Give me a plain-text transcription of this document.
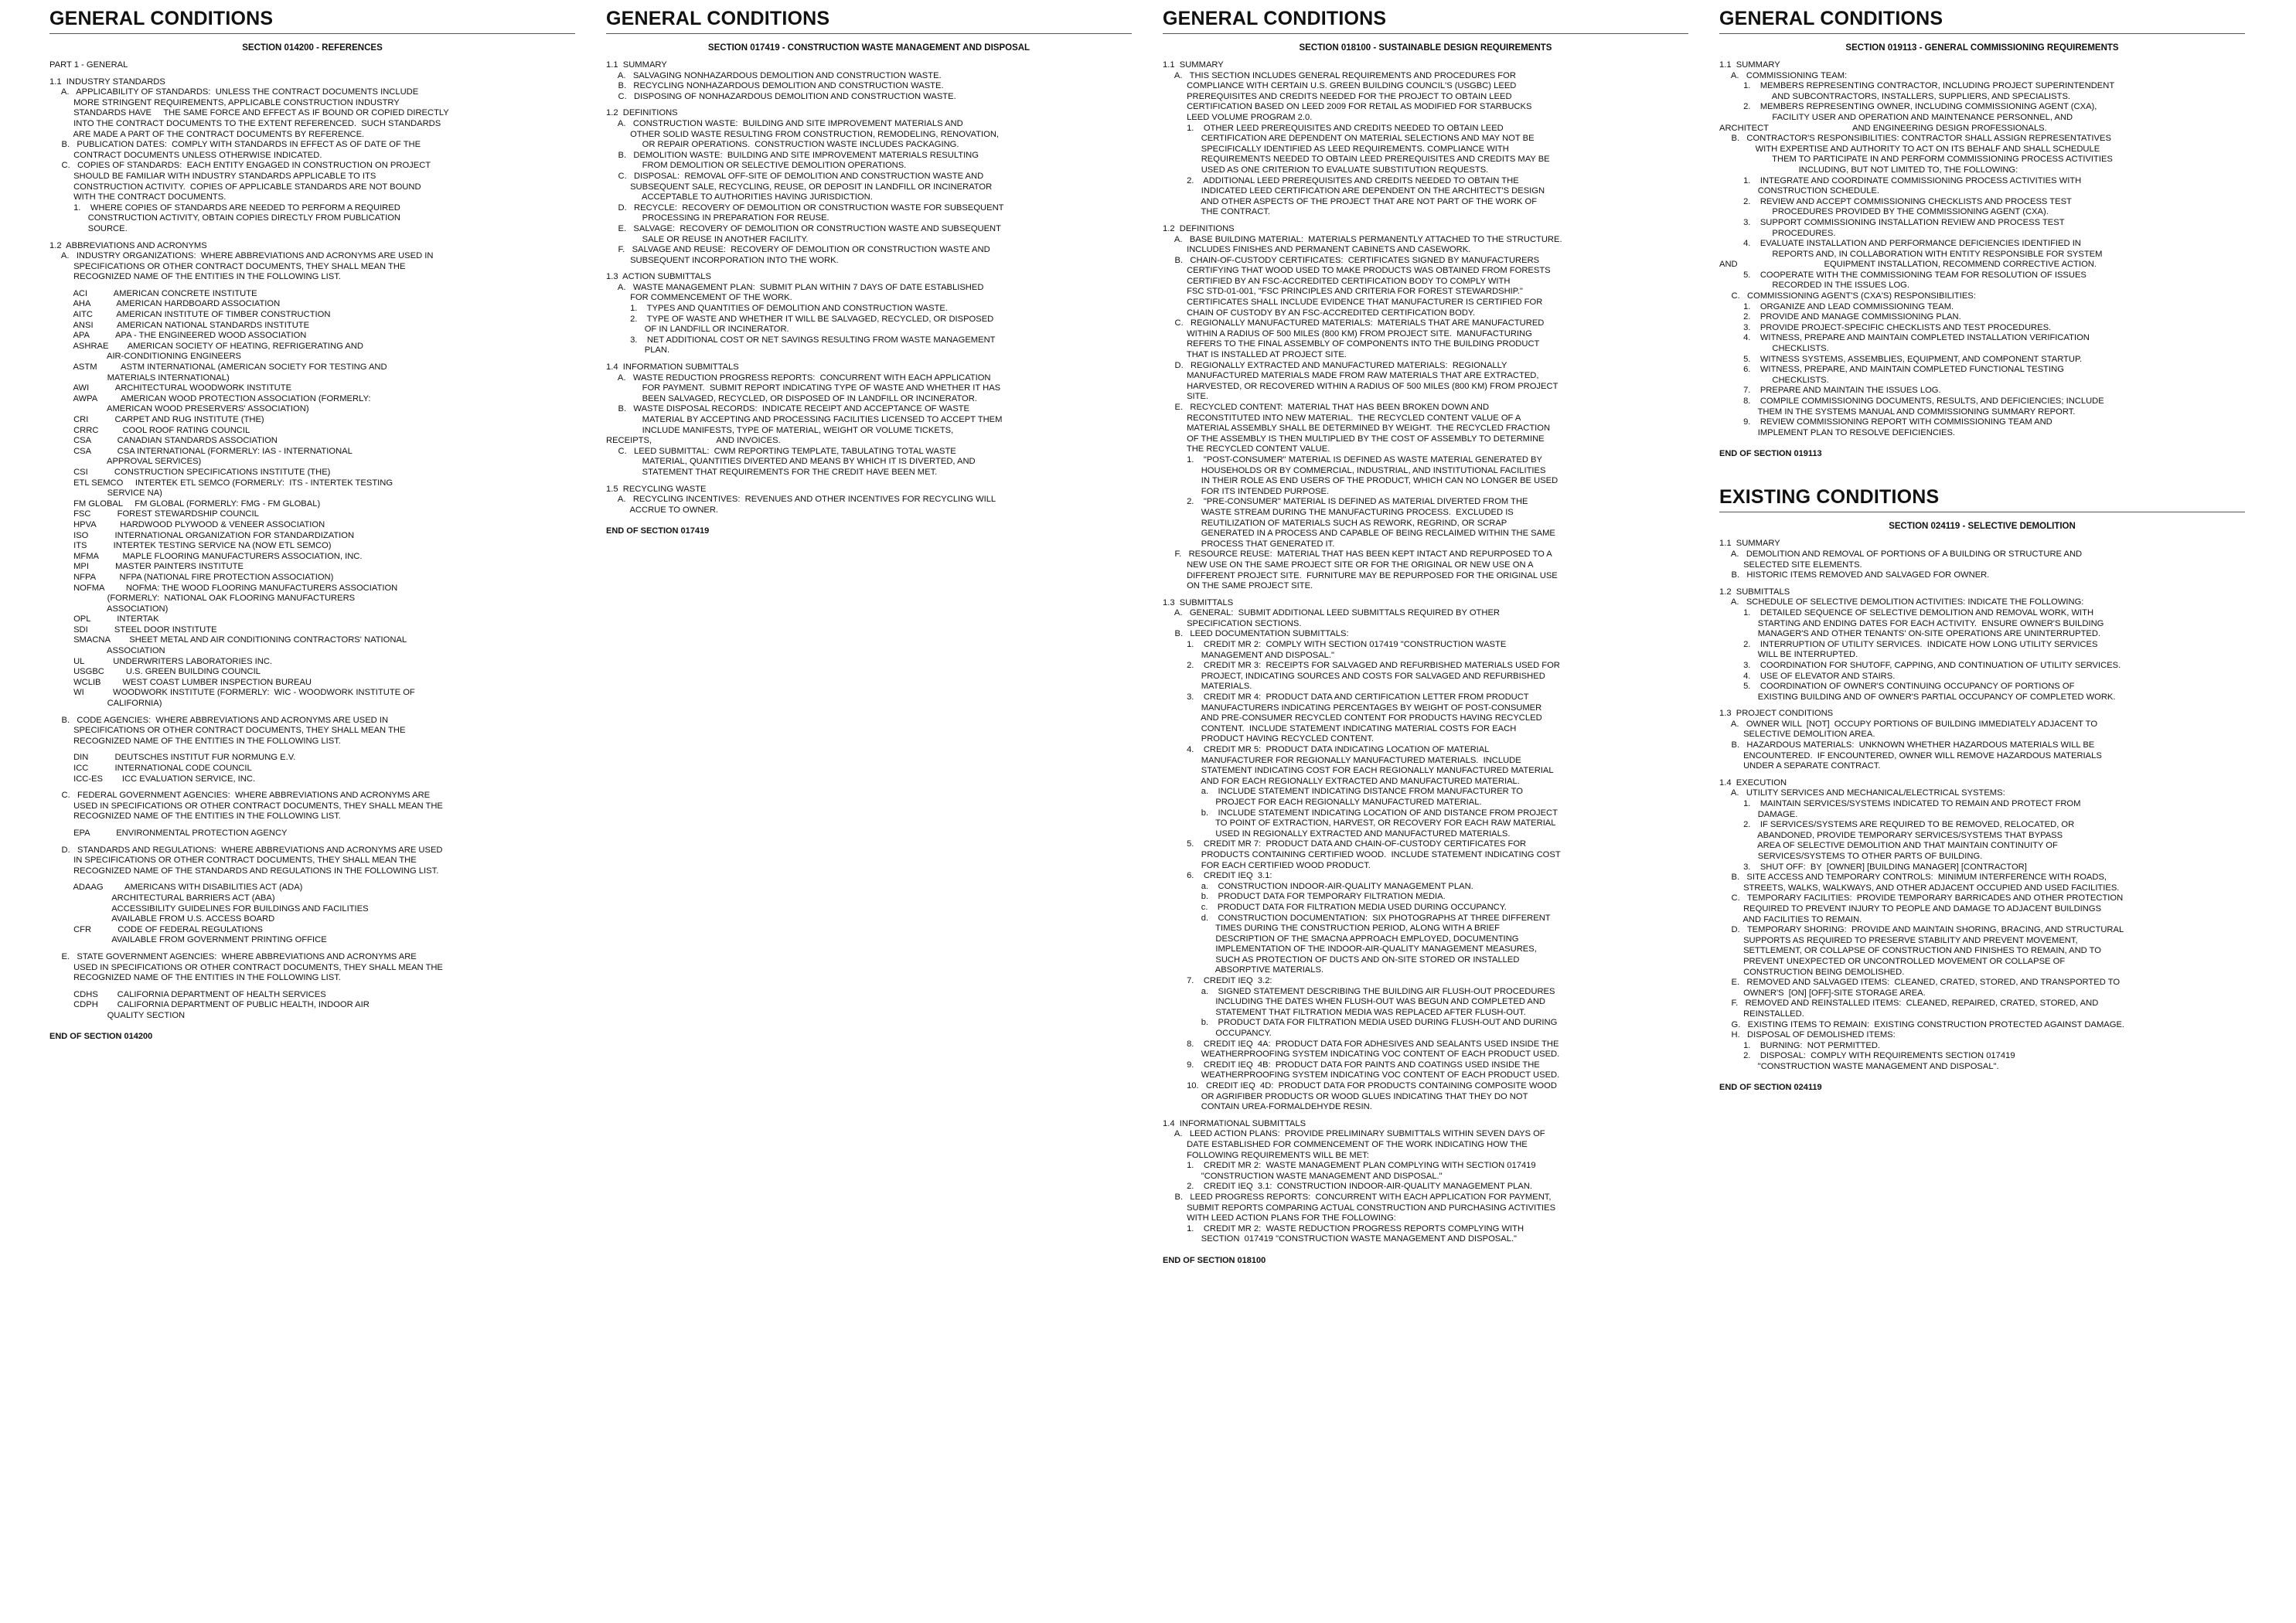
GENERAL CONDITIONS
SECTION 014200 - REFERENCES
PART 1 - GENERAL
1.1  INDUSTRY STANDARDS
A.   APPLICABILITY OF STANDARDS:  UNLESS THE CONTRACT DOCUMENTS INCLUDE
MORE STRINGENT REQUIREMENTS, APPLICABLE CONSTRUCTION INDUSTRY
STANDARDS HAVE     THE SAME FORCE AND EFFECT AS IF BOUND OR COPIED DIRECTLY
INTO THE CONTRACT DOCUMENTS TO THE EXTENT REFERENCED.  SUCH STANDARDS
ARE MADE A PART OF THE CONTRACT DOCUMENTS BY REFERENCE.
B.   PUBLICATION DATES:  COMPLY WITH STANDARDS IN EFFECT AS OF DATE OF THE
CONTRACT DOCUMENTS UNLESS OTHERWISE INDICATED.
C.   COPIES OF STANDARDS:  EACH ENTITY ENGAGED IN CONSTRUCTION ON PROJECT
SHOULD BE FAMILIAR WITH INDUSTRY STANDARDS APPLICABLE TO ITS
CONSTRUCTION ACTIVITY.  COPIES OF APPLICABLE STANDARDS ARE NOT BOUND
WITH THE CONTRACT DOCUMENTS.
1.    WHERE COPIES OF STANDARDS ARE NEEDED TO PERFORM A REQUIRED
CONSTRUCTION ACTIVITY, OBTAIN COPIES DIRECTLY FROM PUBLICATION
SOURCE.
1.2  ABBREVIATIONS AND ACRONYMS
A.   INDUSTRY ORGANIZATIONS:  WHERE ABBREVIATIONS AND ACRONYMS ARE USED IN
SPECIFICATIONS OR OTHER CONTRACT DOCUMENTS, THEY SHALL MEAN THE
RECOGNIZED NAME OF THE ENTITIES IN THE FOLLOWING LIST.
ACI           AMERICAN CONCRETE INSTITUTE
AHA           AMERICAN HARDBOARD ASSOCIATION
AITC          AMERICAN INSTITUTE OF TIMBER CONSTRUCTION
ANSI          AMERICAN NATIONAL STANDARDS INSTITUTE
APA           APA - THE ENGINEERED WOOD ASSOCIATION
ASHRAE        AMERICAN SOCIETY OF HEATING, REFRIGERATING AND
AIR-CONDITIONING ENGINEERS
ASTM          ASTM INTERNATIONAL (AMERICAN SOCIETY FOR TESTING AND
MATERIALS INTERNATIONAL)
AWI           ARCHITECTURAL WOODWORK INSTITUTE
AWPA          AMERICAN WOOD PROTECTION ASSOCIATION (FORMERLY:
AMERICAN WOOD PRESERVERS' ASSOCIATION)
CRI           CARPET AND RUG INSTITUTE (THE)
CRRC          COOL ROOF RATING COUNCIL
CSA           CANADIAN STANDARDS ASSOCIATION
CSA           CSA INTERNATIONAL (FORMERLY: IAS - INTERNATIONAL
APPROVAL SERVICES)
CSI           CONSTRUCTION SPECIFICATIONS INSTITUTE (THE)
ETL SEMCO     INTERTEK ETL SEMCO (FORMERLY:  ITS - INTERTEK TESTING
SERVICE NA)
FM GLOBAL     FM GLOBAL (FORMERLY: FMG - FM GLOBAL)
FSC           FOREST STEWARDSHIP COUNCIL
HPVA          HARDWOOD PLYWOOD & VENEER ASSOCIATION
ISO           INTERNATIONAL ORGANIZATION FOR STANDARDIZATION
ITS           INTERTEK TESTING SERVICE NA (NOW ETL SEMCO)
MFMA          MAPLE FLOORING MANUFACTURERS ASSOCIATION, INC.
MPI           MASTER PAINTERS INSTITUTE
NFPA          NFPA (NATIONAL FIRE PROTECTION ASSOCIATION)
NOFMA         NOFMA: THE WOOD FLOORING MANUFACTURERS ASSOCIATION
(FORMERLY:  NATIONAL OAK FLOORING MANUFACTURERS
ASSOCIATION)
OPL           INTERTAK
SDI           STEEL DOOR INSTITUTE
SMACNA        SHEET METAL AND AIR CONDITIONING CONTRACTORS' NATIONAL
ASSOCIATION
UL            UNDERWRITERS LABORATORIES INC.
USGBC         U.S. GREEN BUILDING COUNCIL
WCLIB         WEST COAST LUMBER INSPECTION BUREAU
WI            WOODWORK INSTITUTE (FORMERLY:  WIC - WOODWORK INSTITUTE OF
CALIFORNIA)
B.   CODE AGENCIES:  WHERE ABBREVIATIONS AND ACRONYMS ARE USED IN
SPECIFICATIONS OR OTHER CONTRACT DOCUMENTS, THEY SHALL MEAN THE
RECOGNIZED NAME OF THE ENTITIES IN THE FOLLOWING LIST.
DIN           DEUTSCHES INSTITUT FUR NORMUNG E.V.
ICC           INTERNATIONAL CODE COUNCIL
ICC-ES        ICC EVALUATION SERVICE, INC.
C.   FEDERAL GOVERNMENT AGENCIES:  WHERE ABBREVIATIONS AND ACRONYMS ARE
USED IN SPECIFICATIONS OR OTHER CONTRACT DOCUMENTS, THEY SHALL MEAN THE
RECOGNIZED NAME OF THE ENTITIES IN THE FOLLOWING LIST.
EPA           ENVIRONMENTAL PROTECTION AGENCY
D.   STANDARDS AND REGULATIONS:  WHERE ABBREVIATIONS AND ACRONYMS ARE USED
IN SPECIFICATIONS OR OTHER CONTRACT DOCUMENTS, THEY SHALL MEAN THE
RECOGNIZED NAME OF THE STANDARDS AND REGULATIONS IN THE FOLLOWING LIST.
ADAAG         AMERICANS WITH DISABILITIES ACT (ADA)
ARCHITECTURAL BARRIERS ACT (ABA)
ACCESSIBILITY GUIDELINES FOR BUILDINGS AND FACILITIES
AVAILABLE FROM U.S. ACCESS BOARD
CFR           CODE OF FEDERAL REGULATIONS
AVAILABLE FROM GOVERNMENT PRINTING OFFICE
E.   STATE GOVERNMENT AGENCIES:  WHERE ABBREVIATIONS AND ACRONYMS ARE
USED IN SPECIFICATIONS OR OTHER CONTRACT DOCUMENTS, THEY SHALL MEAN THE
RECOGNIZED NAME OF THE ENTITIES IN THE FOLLOWING LIST.
CDHS        CALIFORNIA DEPARTMENT OF HEALTH SERVICES
CDPH        CALIFORNIA DEPARTMENT OF PUBLIC HEALTH, INDOOR AIR
QUALITY SECTION
END OF SECTION 014200
GENERAL CONDITIONS
SECTION 017419 - CONSTRUCTION WASTE MANAGEMENT AND DISPOSAL
1.1  SUMMARY
A.   SALVAGING NONHAZARDOUS DEMOLITION AND CONSTRUCTION WASTE.
B.   RECYCLING NONHAZARDOUS DEMOLITION AND CONSTRUCTION WASTE.
C.   DISPOSING OF NONHAZARDOUS DEMOLITION AND CONSTRUCTION WASTE.
1.2  DEFINITIONS
A.   CONSTRUCTION WASTE:  BUILDING AND SITE IMPROVEMENT MATERIALS AND
OTHER SOLID WASTE RESULTING FROM CONSTRUCTION, REMODELING, RENOVATION,
OR REPAIR OPERATIONS.  CONSTRUCTION WASTE INCLUDES PACKAGING.
B.   DEMOLITION WASTE:  BUILDING AND SITE IMPROVEMENT MATERIALS RESULTING
FROM DEMOLITION OR SELECTIVE DEMOLITION OPERATIONS.
C.   DISPOSAL:  REMOVAL OFF-SITE OF DEMOLITION AND CONSTRUCTION WASTE AND
SUBSEQUENT SALE, RECYCLING, REUSE, OR DEPOSIT IN LANDFILL OR INCINERATOR
ACCEPTABLE TO AUTHORITIES HAVING JURISDICTION.
D.   RECYCLE:  RECOVERY OF DEMOLITION OR CONSTRUCTION WASTE FOR SUBSEQUENT
PROCESSING IN PREPARATION FOR REUSE.
E.   SALVAGE:  RECOVERY OF DEMOLITION OR CONSTRUCTION WASTE AND SUBSEQUENT
SALE OR REUSE IN ANOTHER FACILITY.
F.   SALVAGE AND REUSE:  RECOVERY OF DEMOLITION OR CONSTRUCTION WASTE AND
SUBSEQUENT INCORPORATION INTO THE WORK.
1.3  ACTION SUBMITTALS
A.   WASTE MANAGEMENT PLAN:  SUBMIT PLAN WITHIN 7 DAYS OF DATE ESTABLISHED
FOR COMMENCEMENT OF THE WORK.
1.    TYPES AND QUANTITIES OF DEMOLITION AND CONSTRUCTION WASTE.
2.    TYPE OF WASTE AND WHETHER IT WILL BE SALVAGED, RECYCLED, OR DISPOSED
OF IN LANDFILL OR INCINERATOR.
3.    NET ADDITIONAL COST OR NET SAVINGS RESULTING FROM WASTE MANAGEMENT
PLAN.
1.4  INFORMATION SUBMITTALS
A.   WASTE REDUCTION PROGRESS REPORTS:  CONCURRENT WITH EACH APPLICATION
FOR PAYMENT.  SUBMIT REPORT INDICATING TYPE OF WASTE AND WHETHER IT HAS
BEEN SALVAGED, RECYCLED, OR DISPOSED OF IN LANDFILL OR INCINERATOR.
B.   WASTE DISPOSAL RECORDS:  INDICATE RECEIPT AND ACCEPTANCE OF WASTE
MATERIAL BY ACCEPTING AND PROCESSING FACILITIES LICENSED TO ACCEPT THEM
INCLUDE MANIFESTS, TYPE OF MATERIAL, WEIGHT OR VOLUME TICKETS,
RECEIPTS,                           AND INVOICES.
C.   LEED SUBMITTAL:  CWM REPORTING TEMPLATE, TABULATING TOTAL WASTE
MATERIAL, QUANTITIES DIVERTED AND MEANS BY WHICH IT IS DIVERTED, AND
STATEMENT THAT REQUIREMENTS FOR THE CREDIT HAVE BEEN MET.
1.5  RECYCLING WASTE
A.   RECYCLING INCENTIVES:  REVENUES AND OTHER INCENTIVES FOR RECYCLING WILL
ACCRUE TO OWNER.
END OF SECTION 017419
GENERAL CONDITIONS
SECTION 018100 - SUSTAINABLE DESIGN REQUIREMENTS
1.1  SUMMARY
A.   THIS SECTION INCLUDES GENERAL REQUIREMENTS AND PROCEDURES FOR
COMPLIANCE WITH CERTAIN U.S. GREEN BUILDING COUNCIL'S (USGBC) LEED
PREREQUISITES AND CREDITS NEEDED FOR THE PROJECT TO OBTAIN LEED
CERTIFICATION BASED ON LEED 2009 FOR RETAIL AS MODIFIED FOR STARBUCKS
LEED VOLUME PROGRAM 2.0.
1.    OTHER LEED PREREQUISITES AND CREDITS NEEDED TO OBTAIN LEED
CERTIFICATION ARE DEPENDENT ON MATERIAL SELECTIONS AND MAY NOT BE
SPECIFICALLY IDENTIFIED AS LEED REQUIREMENTS. COMPLIANCE WITH
REQUIREMENTS NEEDED TO OBTAIN LEED PREREQUISITES AND CREDITS MAY BE
USED AS ONE CRITERION TO EVALUATE SUBSTITUTION REQUESTS.
2.    ADDITIONAL LEED PREREQUISITES AND CREDITS NEEDED TO OBTAIN THE
INDICATED LEED CERTIFICATION ARE DEPENDENT ON THE ARCHITECT'S DESIGN
AND OTHER ASPECTS OF THE PROJECT THAT ARE NOT PART OF THE WORK OF
THE CONTRACT.
1.2  DEFINITIONS
A.   BASE BUILDING MATERIAL:  MATERIALS PERMANENTLY ATTACHED TO THE STRUCTURE.
INCLUDES FINISHES AND PERMANENT CABINETS AND CASEWORK.
B.   CHAIN-OF-CUSTODY CERTIFICATES:  CERTIFICATES SIGNED BY MANUFACTURERS
CERTIFYING THAT WOOD USED TO MAKE PRODUCTS WAS OBTAINED FROM FORESTS
CERTIFIED BY AN FSC-ACCREDITED CERTIFICATION BODY TO COMPLY WITH
FSC STD-01-001, "FSC PRINCIPLES AND CRITERIA FOR FOREST STEWARDSHIP."
CERTIFICATES SHALL INCLUDE EVIDENCE THAT MANUFACTURER IS CERTIFIED FOR
CHAIN OF CUSTODY BY AN FSC-ACCREDITED CERTIFICATION BODY.
C.   REGIONALLY MANUFACTURED MATERIALS:  MATERIALS THAT ARE MANUFACTURED
WITHIN A RADIUS OF 500 MILES (800 KM) FROM PROJECT SITE.  MANUFACTURING
REFERS TO THE FINAL ASSEMBLY OF COMPONENTS INTO THE BUILDING PRODUCT
THAT IS INSTALLED AT PROJECT SITE.
D.   REGIONALLY EXTRACTED AND MANUFACTURED MATERIALS:  REGIONALLY
MANUFACTURED MATERIALS MADE FROM RAW MATERIALS THAT ARE EXTRACTED,
HARVESTED, OR RECOVERED WITHIN A RADIUS OF 500 MILES (800 KM) FROM PROJECT
SITE.
E.   RECYCLED CONTENT:  MATERIAL THAT HAS BEEN BROKEN DOWN AND
RECONSTITUTED INTO NEW MATERIAL.  THE RECYCLED CONTENT VALUE OF A
MATERIAL ASSEMBLY SHALL BE DETERMINED BY WEIGHT.  THE RECYCLED FRACTION
OF THE ASSEMBLY IS THEN MULTIPLIED BY THE COST OF ASSEMBLY TO DETERMINE
THE RECYCLED CONTENT VALUE.
1.    "POST-CONSUMER" MATERIAL IS DEFINED AS WASTE MATERIAL GENERATED BY
HOUSEHOLDS OR BY COMMERCIAL, INDUSTRIAL, AND INSTITUTIONAL FACILITIES
IN THEIR ROLE AS END USERS OF THE PRODUCT, WHICH CAN NO LONGER BE USED
FOR ITS INTENDED PURPOSE.
2.    "PRE-CONSUMER" MATERIAL IS DEFINED AS MATERIAL DIVERTED FROM THE
WASTE STREAM DURING THE MANUFACTURING PROCESS.  EXCLUDED IS
REUTILIZATION OF MATERIALS SUCH AS REWORK, REGRIND, OR SCRAP
GENERATED IN A PROCESS AND CAPABLE OF BEING RECLAIMED WITHIN THE SAME
PROCESS THAT GENERATED IT.
F.   RESOURCE REUSE:  MATERIAL THAT HAS BEEN KEPT INTACT AND REPURPOSED TO A
NEW USE ON THE SAME PROJECT SITE OR FOR THE ORIGINAL OR NEW USE ON A
DIFFERENT PROJECT SITE.  FURNITURE MAY BE REPURPOSED FOR THE ORIGINAL USE
ON THE SAME PROJECT SITE.
1.3  SUBMITTALS
A.   GENERAL:  SUBMIT ADDITIONAL LEED SUBMITTALS REQUIRED BY OTHER
SPECIFICATION SECTIONS.
B.   LEED DOCUMENTATION SUBMITTALS:
1.    CREDIT MR 2:  COMPLY WITH SECTION 017419 "CONSTRUCTION WASTE
MANAGEMENT AND DISPOSAL."
2.    CREDIT MR 3:  RECEIPTS FOR SALVAGED AND REFURBISHED MATERIALS USED FOR
PROJECT, INDICATING SOURCES AND COSTS FOR SALVAGED AND REFURBISHED
MATERIALS.
3.    CREDIT MR 4:  PRODUCT DATA AND CERTIFICATION LETTER FROM PRODUCT
MANUFACTURERS INDICATING PERCENTAGES BY WEIGHT OF POST-CONSUMER
AND PRE-CONSUMER RECYCLED CONTENT FOR PRODUCTS HAVING RECYCLED
CONTENT.  INCLUDE STATEMENT INDICATING MATERIAL COSTS FOR EACH
PRODUCT HAVING RECYCLED CONTENT.
4.    CREDIT MR 5:  PRODUCT DATA INDICATING LOCATION OF MATERIAL
MANUFACTURER FOR REGIONALLY MANUFACTURED MATERIALS.  INCLUDE
STATEMENT INDICATING COST FOR EACH REGIONALLY MANUFACTURED MATERIAL
AND FOR EACH REGIONALLY EXTRACTED AND MANUFACTURED MATERIAL.
a.    INCLUDE STATEMENT INDICATING DISTANCE FROM MANUFACTURER TO
PROJECT FOR EACH REGIONALLY MANUFACTURED MATERIAL.
b.    INCLUDE STATEMENT INDICATING LOCATION OF AND DISTANCE FROM PROJECT
TO POINT OF EXTRACTION, HARVEST, OR RECOVERY FOR EACH RAW MATERIAL
USED IN REGIONALLY EXTRACTED AND MANUFACTURED MATERIALS.
5.    CREDIT MR 7:  PRODUCT DATA AND CHAIN-OF-CUSTODY CERTIFICATES FOR
PRODUCTS CONTAINING CERTIFIED WOOD.  INCLUDE STATEMENT INDICATING COST
FOR EACH CERTIFIED WOOD PRODUCT.
6.    CREDIT IEQ  3.1:
a.    CONSTRUCTION INDOOR-AIR-QUALITY MANAGEMENT PLAN.
b.    PRODUCT DATA FOR TEMPORARY FILTRATION MEDIA.
c.    PRODUCT DATA FOR FILTRATION MEDIA USED DURING OCCUPANCY.
d.    CONSTRUCTION DOCUMENTATION:  SIX PHOTOGRAPHS AT THREE DIFFERENT
TIMES DURING THE CONSTRUCTION PERIOD, ALONG WITH A BRIEF
DESCRIPTION OF THE SMACNA APPROACH EMPLOYED, DOCUMENTING
IMPLEMENTATION OF THE INDOOR-AIR-QUALITY MANAGEMENT MEASURES,
SUCH AS PROTECTION OF DUCTS AND ON-SITE STORED OR INSTALLED
ABSORPTIVE MATERIALS.
7.    CREDIT IEQ  3.2:
a.    SIGNED STATEMENT DESCRIBING THE BUILDING AIR FLUSH-OUT PROCEDURES
INCLUDING THE DATES WHEN FLUSH-OUT WAS BEGUN AND COMPLETED AND
STATEMENT THAT FILTRATION MEDIA WAS REPLACED AFTER FLUSH-OUT.
b.    PRODUCT DATA FOR FILTRATION MEDIA USED DURING FLUSH-OUT AND DURING
OCCUPANCY.
8.    CREDIT IEQ  4A:  PRODUCT DATA FOR ADHESIVES AND SEALANTS USED INSIDE THE
WEATHERPROOFING SYSTEM INDICATING VOC CONTENT OF EACH PRODUCT USED.
9.    CREDIT IEQ  4B:  PRODUCT DATA FOR PAINTS AND COATINGS USED INSIDE THE
WEATHERPROOFING SYSTEM INDICATING VOC CONTENT OF EACH PRODUCT USED.
10.   CREDIT IEQ  4D:  PRODUCT DATA FOR PRODUCTS CONTAINING COMPOSITE WOOD
OR AGRIFIBER PRODUCTS OR WOOD GLUES INDICATING THAT THEY DO NOT
CONTAIN UREA-FORMALDEHYDE RESIN.
1.4  INFORMATIONAL SUBMITTALS
A.   LEED ACTION PLANS:  PROVIDE PRELIMINARY SUBMITTALS WITHIN SEVEN DAYS OF
DATE ESTABLISHED FOR COMMENCEMENT OF THE WORK INDICATING HOW THE
FOLLOWING REQUIREMENTS WILL BE MET:
1.    CREDIT MR 2:  WASTE MANAGEMENT PLAN COMPLYING WITH SECTION 017419
"CONSTRUCTION WASTE MANAGEMENT AND DISPOSAL."
2.    CREDIT IEQ  3.1:  CONSTRUCTION INDOOR-AIR-QUALITY MANAGEMENT PLAN.
B.   LEED PROGRESS REPORTS:  CONCURRENT WITH EACH APPLICATION FOR PAYMENT,
SUBMIT REPORTS COMPARING ACTUAL CONSTRUCTION AND PURCHASING ACTIVITIES
WITH LEED ACTION PLANS FOR THE FOLLOWING:
1.    CREDIT MR 2:  WASTE REDUCTION PROGRESS REPORTS COMPLYING WITH
SECTION  017419 "CONSTRUCTION WASTE MANAGEMENT AND DISPOSAL."
END OF SECTION 018100
GENERAL CONDITIONS
SECTION 019113 - GENERAL COMMISSIONING REQUIREMENTS
1.1  SUMMARY
A.   COMMISSIONING TEAM:
1.    MEMBERS REPRESENTING CONTRACTOR, INCLUDING PROJECT SUPERINTENDENT
AND SUBCONTRACTORS, INSTALLERS, SUPPLIERS, AND SPECIALISTS.
2.    MEMBERS REPRESENTING OWNER, INCLUDING COMMISSIONING AGENT (CXA),
FACILITY USER AND OPERATION AND MAINTENANCE PERSONNEL, AND
ARCHITECT                                   AND ENGINEERING DESIGN PROFESSIONALS.
B.   CONTRACTOR'S RESPONSIBILITIES: CONTRACTOR SHALL ASSIGN REPRESENTATIVES
WITH EXPERTISE AND AUTHORITY TO ACT ON ITS BEHALF AND SHALL SCHEDULE
THEM TO PARTICIPATE IN AND PERFORM COMMISSIONING PROCESS ACTIVITIES
INCLUDING, BUT NOT LIMITED TO, THE FOLLOWING:
1.    INTEGRATE AND COORDINATE COMMISSIONING PROCESS ACTIVITIES WITH
CONSTRUCTION SCHEDULE.
2.    REVIEW AND ACCEPT COMMISSIONING CHECKLISTS AND PROCESS TEST
PROCEDURES PROVIDED BY THE COMMISSIONING AGENT (CXA).
3.    SUPPORT COMMISSIONING INSTALLATION REVIEW AND PROCESS TEST
PROCEDURES.
4.    EVALUATE INSTALLATION AND PERFORMANCE DEFICIENCIES IDENTIFIED IN
REPORTS AND, IN COLLABORATION WITH ENTITY RESPONSIBLE FOR SYSTEM
AND                                    EQUIPMENT INSTALLATION, RECOMMEND CORRECTIVE ACTION.
5.    COOPERATE WITH THE COMMISSIONING TEAM FOR RESOLUTION OF ISSUES
RECORDED IN THE ISSUES LOG.
C.   COMMISSIONING AGENT'S (CXA'S) RESPONSIBILITIES:
1.    ORGANIZE AND LEAD COMMISSIONING TEAM.
2.    PROVIDE AND MANAGE COMMISSIONING PLAN.
3.    PROVIDE PROJECT-SPECIFIC CHECKLISTS AND TEST PROCEDURES.
4.    WITNESS, PREPARE AND MAINTAIN COMPLETED INSTALLATION VERIFICATION
CHECKLISTS.
5.    WITNESS SYSTEMS, ASSEMBLIES, EQUIPMENT, AND COMPONENT STARTUP.
6.    WITNESS, PREPARE, AND MAINTAIN COMPLETED FUNCTIONAL TESTING
CHECKLISTS.
7.    PREPARE AND MAINTAIN THE ISSUES LOG.
8.    COMPILE COMMISSIONING DOCUMENTS, RESULTS, AND DEFICIENCIES; INCLUDE
THEM IN THE SYSTEMS MANUAL AND COMMISSIONING SUMMARY REPORT.
9.    REVIEW COMMISSIONING REPORT WITH COMMISSIONING TEAM AND
IMPLEMENT PLAN TO RESOLVE DEFICIENCIES.
END OF SECTION 019113
EXISTING CONDITIONS
SECTION 024119 - SELECTIVE DEMOLITION
1.1  SUMMARY
A.   DEMOLITION AND REMOVAL OF PORTIONS OF A BUILDING OR STRUCTURE AND
SELECTED SITE ELEMENTS.
B.   HISTORIC ITEMS REMOVED AND SALVAGED FOR OWNER.
1.2  SUBMITTALS
A.   SCHEDULE OF SELECTIVE DEMOLITION ACTIVITIES: INDICATE THE FOLLOWING:
1.    DETAILED SEQUENCE OF SELECTIVE DEMOLITION AND REMOVAL WORK, WITH
STARTING AND ENDING DATES FOR EACH ACTIVITY.  ENSURE OWNER'S BUILDING
MANAGER'S AND OTHER TENANTS' ON-SITE OPERATIONS ARE UNINTERRUPTED.
2.    INTERRUPTION OF UTILITY SERVICES.  INDICATE HOW LONG UTILITY SERVICES
WILL BE INTERRUPTED.
3.    COORDINATION FOR SHUTOFF, CAPPING, AND CONTINUATION OF UTILITY SERVICES.
4.    USE OF ELEVATOR AND STAIRS.
5.    COORDINATION OF OWNER'S CONTINUING OCCUPANCY OF PORTIONS OF
EXISTING BUILDING AND OF OWNER'S PARTIAL OCCUPANCY OF COMPLETED WORK.
1.3  PROJECT CONDITIONS
A.   OWNER WILL  [NOT]  OCCUPY PORTIONS OF BUILDING IMMEDIATELY ADJACENT TO
SELECTIVE DEMOLITION AREA.
B.   HAZARDOUS MATERIALS:  UNKNOWN WHETHER HAZARDOUS MATERIALS WILL BE
ENCOUNTERED.  IF ENCOUNTERED, OWNER WILL REMOVE HAZARDOUS MATERIALS
UNDER A SEPARATE CONTRACT.
1.4  EXECUTION
A.   UTILITY SERVICES AND MECHANICAL/ELECTRICAL SYSTEMS:
1.    MAINTAIN SERVICES/SYSTEMS INDICATED TO REMAIN AND PROTECT FROM
DAMAGE.
2.    IF SERVICES/SYSTEMS ARE REQUIRED TO BE REMOVED, RELOCATED, OR
ABANDONED, PROVIDE TEMPORARY SERVICES/SYSTEMS THAT BYPASS
AREA OF SELECTIVE DEMOLITION AND THAT MAINTAIN CONTINUITY OF
SERVICES/SYSTEMS TO OTHER PARTS OF BUILDING.
3.    SHUT OFF:  BY  [OWNER] [BUILDING MANAGER] [CONTRACTOR]
B.   SITE ACCESS AND TEMPORARY CONTROLS:  MINIMUM INTERFERENCE WITH ROADS,
STREETS, WALKS, WALKWAYS, AND OTHER ADJACENT OCCUPIED AND USED FACILITIES.
C.   TEMPORARY FACILITIES:  PROVIDE TEMPORARY BARRICADES AND OTHER PROTECTION
REQUIRED TO PREVENT INJURY TO PEOPLE AND DAMAGE TO ADJACENT BUILDINGS
AND FACILITIES TO REMAIN.
D.   TEMPORARY SHORING:  PROVIDE AND MAINTAIN SHORING, BRACING, AND STRUCTURAL
SUPPORTS AS REQUIRED TO PRESERVE STABILITY AND PREVENT MOVEMENT,
SETTLEMENT, OR COLLAPSE OF CONSTRUCTION AND FINISHES TO REMAIN, AND TO
PREVENT UNEXPECTED OR UNCONTROLLED MOVEMENT OR COLLAPSE OF
CONSTRUCTION BEING DEMOLISHED.
E.   REMOVED AND SALVAGED ITEMS:  CLEANED, CRATED, STORED, AND TRANSPORTED TO
OWNER'S  [ON] [OFF]-SITE STORAGE AREA.
F.   REMOVED AND REINSTALLED ITEMS:  CLEANED, REPAIRED, CRATED, STORED, AND
REINSTALLED.
G.   EXISTING ITEMS TO REMAIN:  EXISTING CONSTRUCTION PROTECTED AGAINST DAMAGE.
H.   DISPOSAL OF DEMOLISHED ITEMS:
1.    BURNING:  NOT PERMITTED.
2.    DISPOSAL:  COMPLY WITH REQUIREMENTS SECTION 017419
"CONSTRUCTION WASTE MANAGEMENT AND DISPOSAL".
END OF SECTION 024119
